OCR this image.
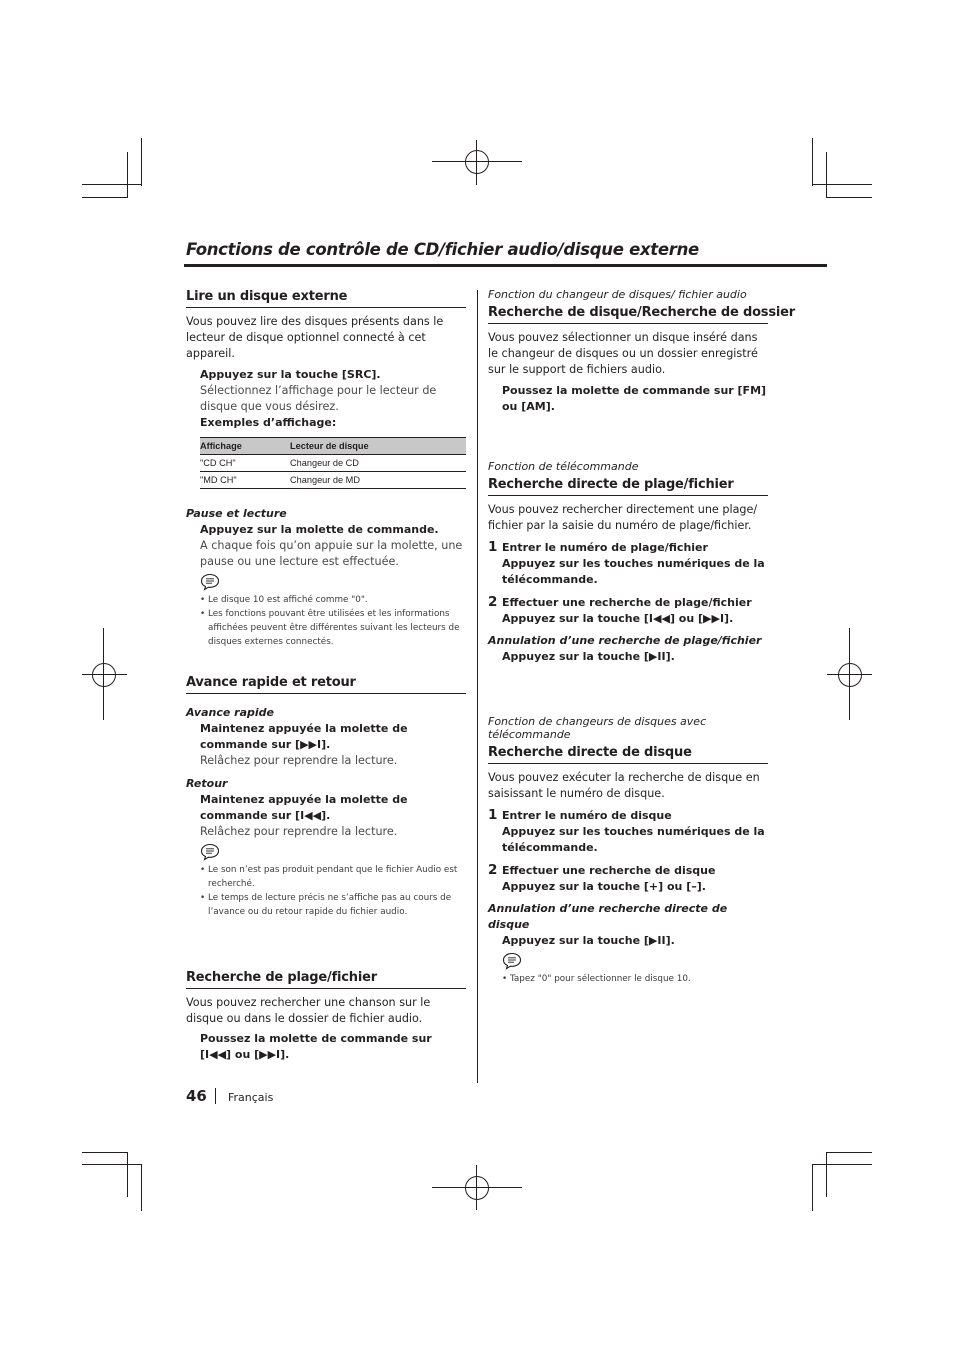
Fonctions de contrôle de CD/fichier audio/disque externe

Lire un disque externe

Vous pouvez lire des disques présents dans le lecteur de disque optionnel connecté à cet appareil.

Appuyez sur la touche [SRC].

Sélectionnez l’affichage pour le lecteur de disque que vous désirez.

Exemples d’affichage:

Affichage	Lecteur de disque
"CD CH"	Changeur de CD
"MD CH"	Changeur de MD

Pause et lecture

Appuyez sur la molette de commande.

A chaque fois qu’on appuie sur la molette, une pause ou une lecture est effectuée.

• Le disque 10 est affiché comme "0".
• Les fonctions pouvant être utilisées et les informations affichées peuvent être différentes suivant les lecteurs de disques externes connectés.

Avance rapide et retour

Avance rapide

Maintenez appuyée la molette de commande sur [▶▶I].

Relâchez pour reprendre la lecture.

Retour

Maintenez appuyée la molette de commande sur [I◀◀].

Relâchez pour reprendre la lecture.

• Le son n’est pas produit pendant que le fichier Audio est recherché.
• Le temps de lecture précis ne s’affiche pas au cours de l’avance ou du retour rapide du fichier audio.

Recherche de plage/fichier

Vous pouvez rechercher une chanson sur le disque ou dans le dossier de fichier audio.

Poussez la molette de commande sur [I◀◀] ou [▶▶I].

Fonction du changeur de disques/ fichier audio

Recherche de disque/Recherche de dossier

Vous pouvez sélectionner un disque inséré dans le changeur de disques ou un dossier enregistré sur le support de fichiers audio.

Poussez la molette de commande sur [FM] ou [AM].

Fonction de télécommande

Recherche directe de plage/fichier

Vous pouvez rechercher directement une plage/ fichier par la saisie du numéro de plage/fichier.

1 Entrer le numéro de plage/fichier

Appuyez sur les touches numériques de la télécommande.

2 Effectuer une recherche de plage/fichier

Appuyez sur la touche [I◀◀] ou [▶▶I].

Annulation d’une recherche de plage/fichier

Appuyez sur la touche [▶II].

Fonction de changeurs de disques avec télécommande

Recherche directe de disque

Vous pouvez exécuter la recherche de disque en saisissant le numéro de disque.

1 Entrer le numéro de disque

Appuyez sur les touches numériques de la télécommande.

2 Effectuer une recherche de disque

Appuyez sur la touche [+] ou [–].

Annulation d’une recherche directe de disque

Appuyez sur la touche [▶II].

• Tapez "0" pour sélectionner le disque 10.
46 Français
